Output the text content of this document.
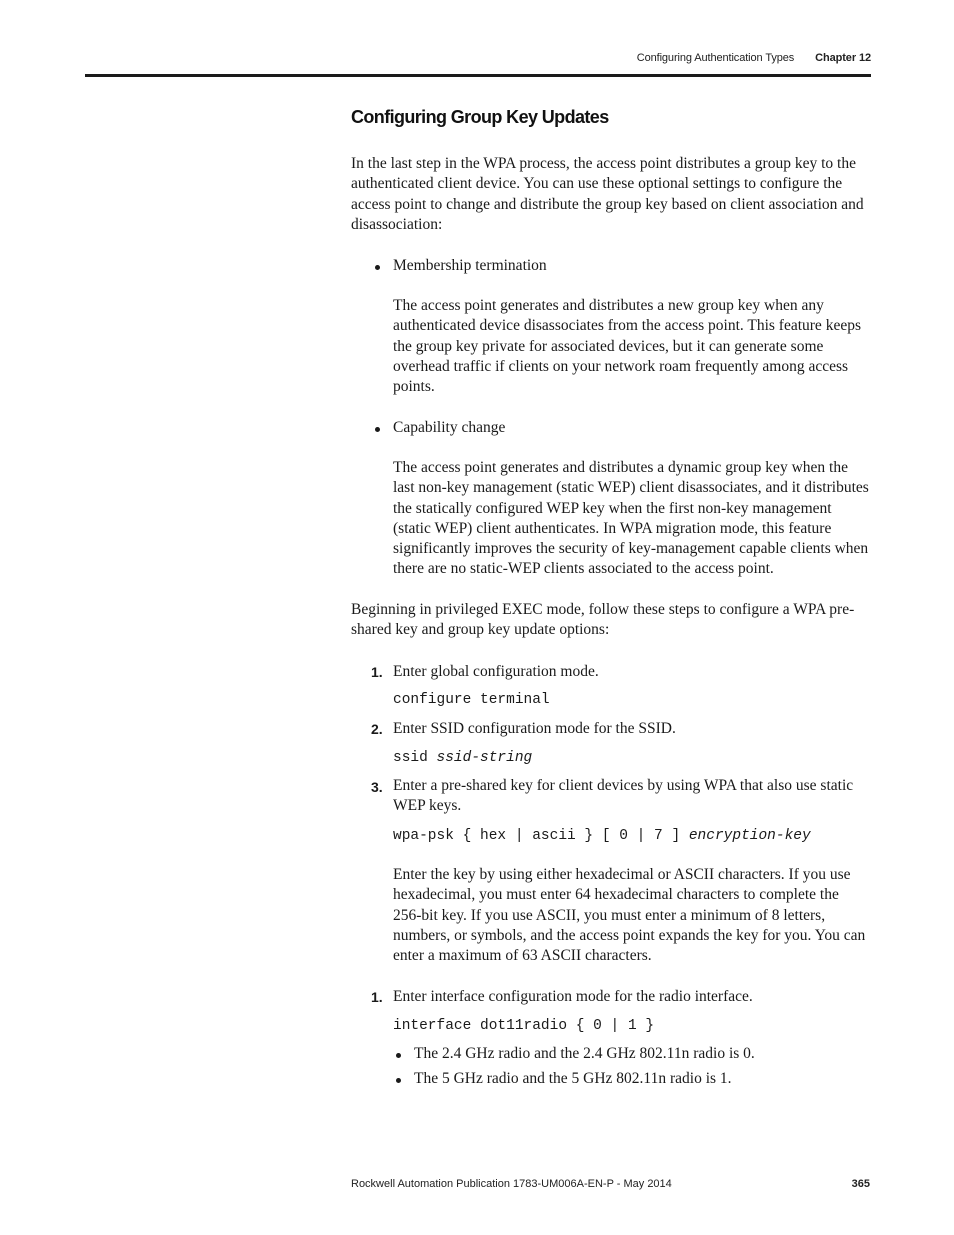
Configuring Authentication Types Chapter 12
Configuring Group Key Updates

In the last step in the WPA process, the access point distributes a group key to the authenticated client device. You can use these optional settings to configure the access point to change and distribute the group key based on client association and disassociation:

Membership termination

The access point generates and distributes a new group key when any authenticated device disassociates from the access point. This feature keeps the group key private for associated devices, but it can generate some overhead traffic if clients on your network roam frequently among access points.

Capability change

The access point generates and distributes a dynamic group key when the last non-key management (static WEP) client disassociates, and it distributes the statically configured WEP key when the first non-key management (static WEP) client authenticates. In WPA migration mode, this feature significantly improves the security of key-management capable clients when there are no static-WEP clients associated to the access point.

Beginning in privileged EXEC mode, follow these steps to configure a WPA pre-shared key and group key update options:

1. Enter global configuration mode.
configure terminal
2. Enter SSID configuration mode for the SSID.
ssid ssid-string
3. Enter a pre-shared key for client devices by using WPA that also use static WEP keys.

wpa-psk { hex | ascii } [ 0 | 7 ] encryption-key

Enter the key by using either hexadecimal or ASCII characters. If you use hexadecimal, you must enter 64 hexadecimal characters to complete the 256-bit key. If you use ASCII, you must enter a minimum of 8 letters, numbers, or symbols, and the access point expands the key for you. You can enter a maximum of 63 ASCII characters.

1. Enter interface configuration mode for the radio interface.
interface dot11radio { 0 | 1 }
The 2.4 GHz radio and the 2.4 GHz 802.11n radio is 0.
The 5 GHz radio and the 5 GHz 802.11n radio is 1.
Rockwell Automation Publication 1783-UM006A-EN-P - May 2014	365
